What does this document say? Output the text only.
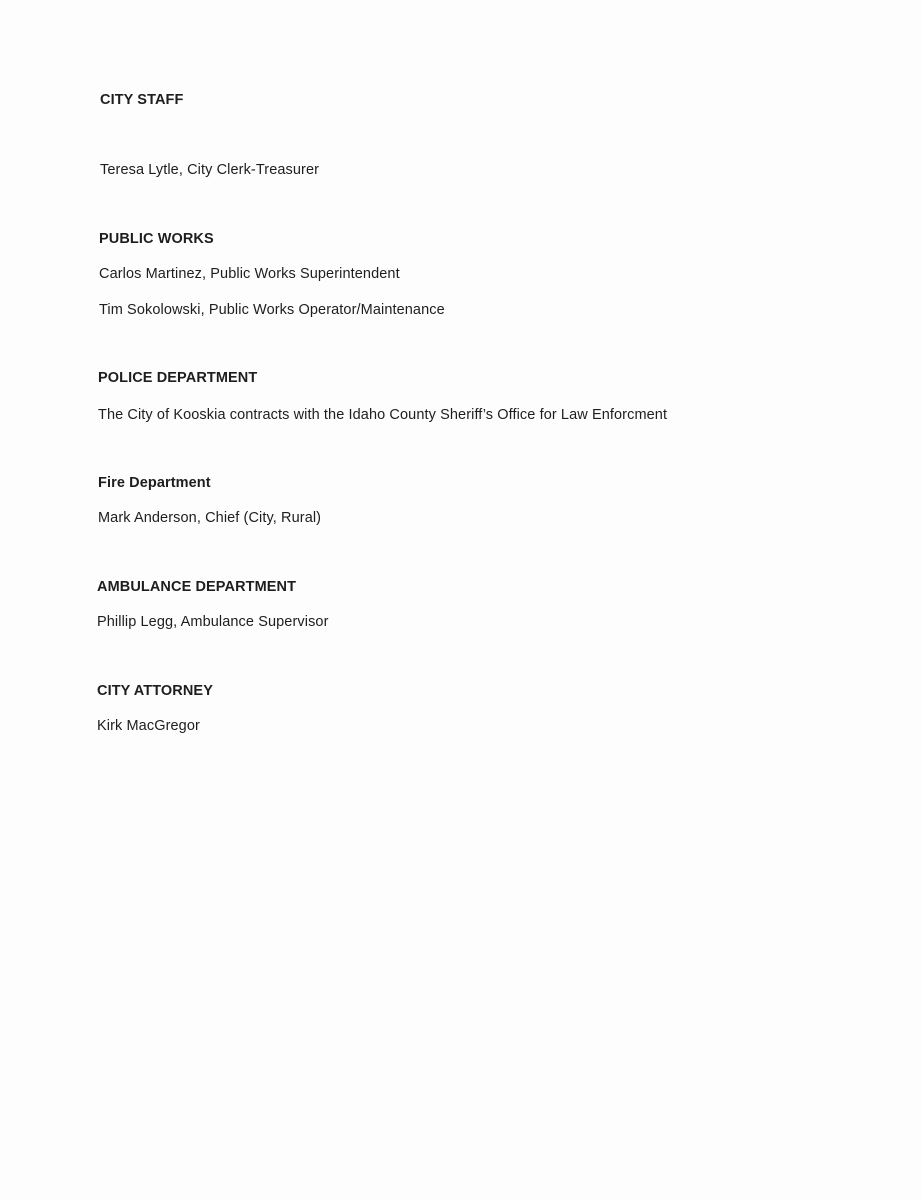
CITY STAFF
Teresa Lytle, City Clerk-Treasurer
PUBLIC WORKS
Carlos Martinez, Public Works Superintendent
Tim Sokolowski, Public Works Operator/Maintenance
POLICE DEPARTMENT
The City of Kooskia contracts with the Idaho County Sheriff’s Office for Law Enforcment
Fire Department
Mark Anderson, Chief (City, Rural)
AMBULANCE DEPARTMENT
Phillip Legg, Ambulance Supervisor
CITY ATTORNEY
Kirk MacGregor
